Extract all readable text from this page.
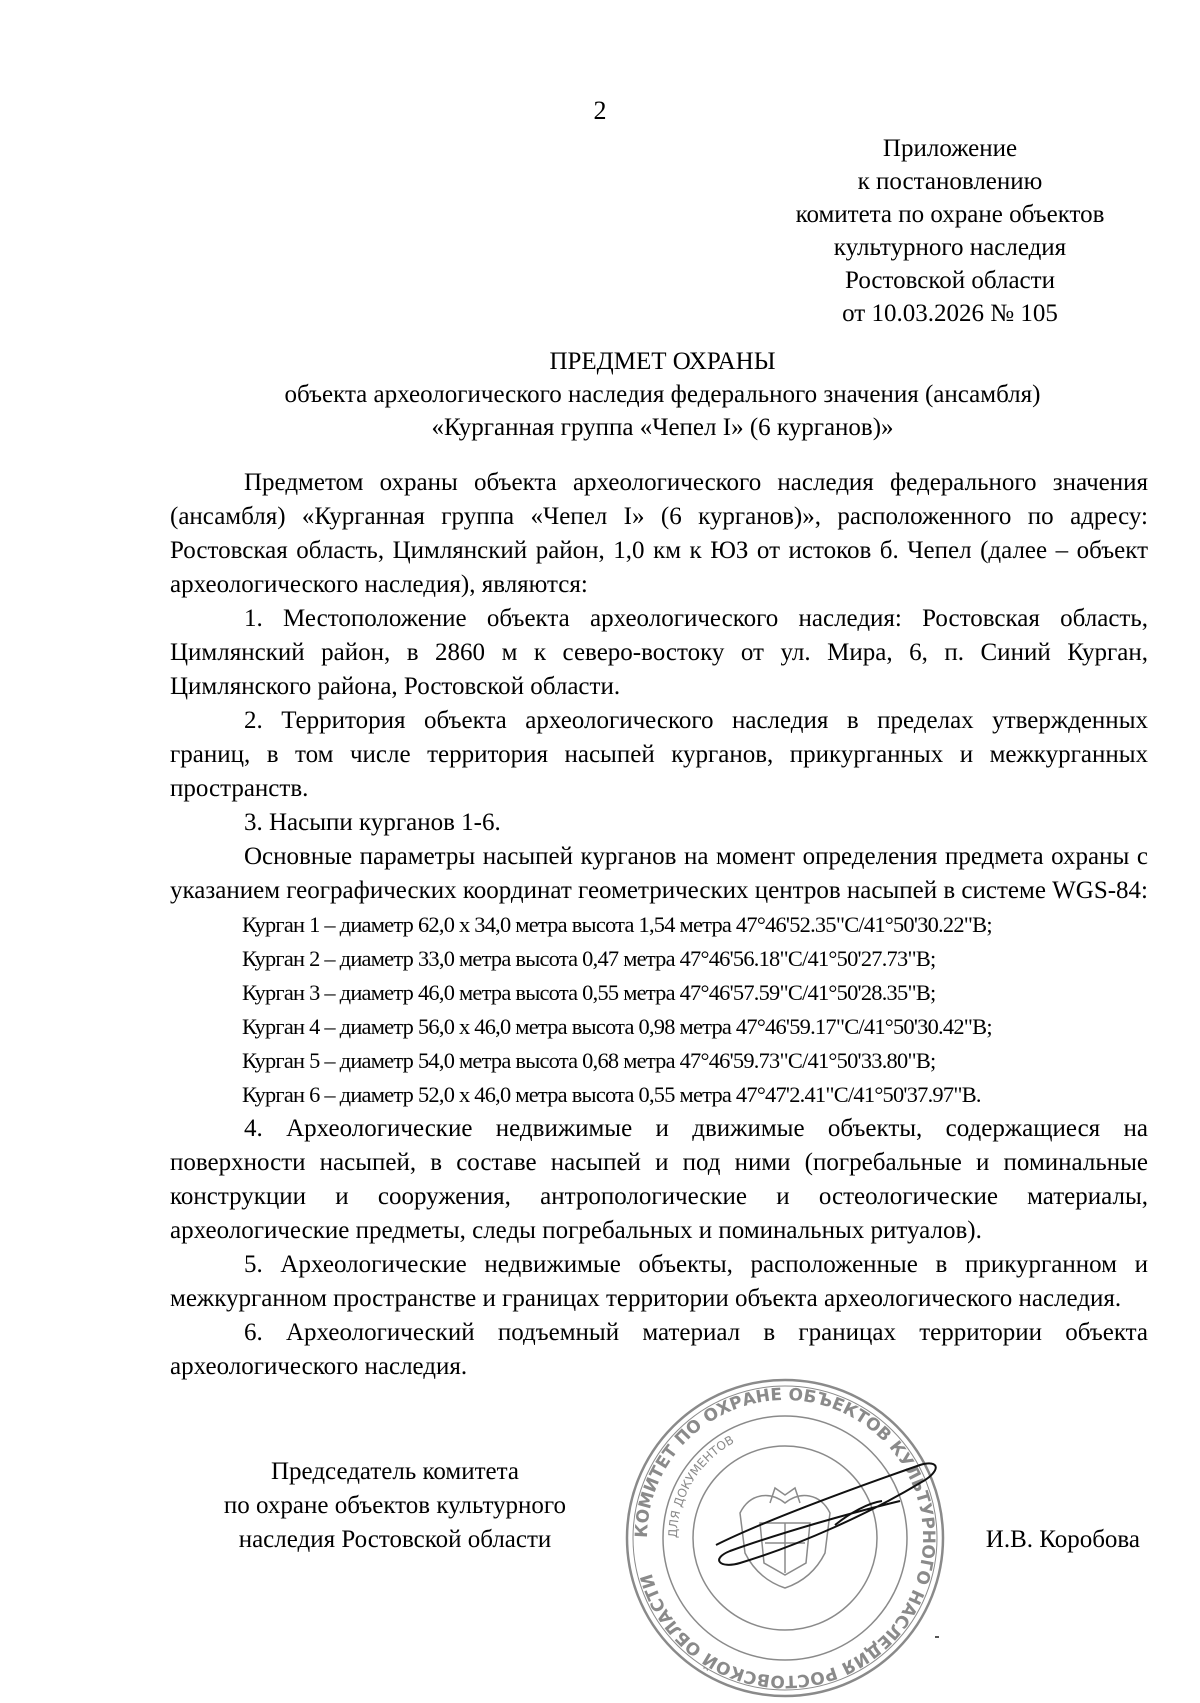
2
Приложение
к постановлению
комитета по охране объектов
культурного наследия
Ростовской области
от 10.03.2026 № 105
ПРЕДМЕТ ОХРАНЫ
объекта археологического наследия федерального значения (ансамбля)
«Курганная группа «Чепел I» (6 курганов)»

Предметом охраны объекта археологического наследия федерального значения (ансамбля) «Курганная группа «Чепел I» (6 курганов)», расположенного по адресу: Ростовская область, Цимлянский район, 1,0 км к ЮЗ от истоков б. Чепел (далее – объект археологического наследия), являются:

1. Местоположение объекта археологического наследия: Ростовская область, Цимлянский район, в 2860 м к северо-востоку от ул. Мира, 6, п. Синий Курган, Цимлянского района, Ростовской области.

2. Территория объекта археологического наследия в пределах утвержденных границ, в том числе территория насыпей курганов, прикурганных и межкурганных пространств.

3. Насыпи курганов 1-6.

Основные параметры насыпей курганов на момент определения предмета охраны с указанием географических координат геометрических центров насыпей в системе WGS-84:

Курган 1 – диаметр 62,0 х 34,0 метра высота 1,54 метра 47°46'52.35"С/41°50'30.22"В;
Курган 2 – диаметр 33,0 метра высота 0,47 метра 47°46'56.18"С/41°50'27.73"В;
Курган 3 – диаметр 46,0 метра высота 0,55 метра 47°46'57.59"С/41°50'28.35"В;
Курган 4 – диаметр 56,0 х 46,0 метра высота 0,98 метра 47°46'59.17"С/41°50'30.42"В;
Курган 5 – диаметр 54,0 метра высота 0,68 метра 47°46'59.73"С/41°50'33.80"В;
Курган 6 – диаметр 52,0 х 46,0 метра высота 0,55 метра 47°47'2.41"С/41°50'37.97"В.

4. Археологические недвижимые и движимые объекты, содержащиеся на поверхности насыпей, в составе насыпей и под ними (погребальные и поминальные конструкции и сооружения, антропологические и остеологические материалы, археологические предметы, следы погребальных и поминальных ритуалов).

5. Археологические недвижимые объекты, расположенные в прикурганном и межкурганном пространстве и границах территории объекта археологического наследия.

6. Археологический подъемный материал в границах территории объекта археологического наследия.

Председатель комитета
по охране объектов культурного
наследия Ростовской области	КОМИТЕТ ПО ОХРАНЕ ОБЪЕКТОВ КУЛЬТУРНОГО НАСЛЕДИЯ РОСТОВСКОЙ ОБЛАСТИ
ДЛЯ ДОКУМЕНТОВ
И.В. Коробова
